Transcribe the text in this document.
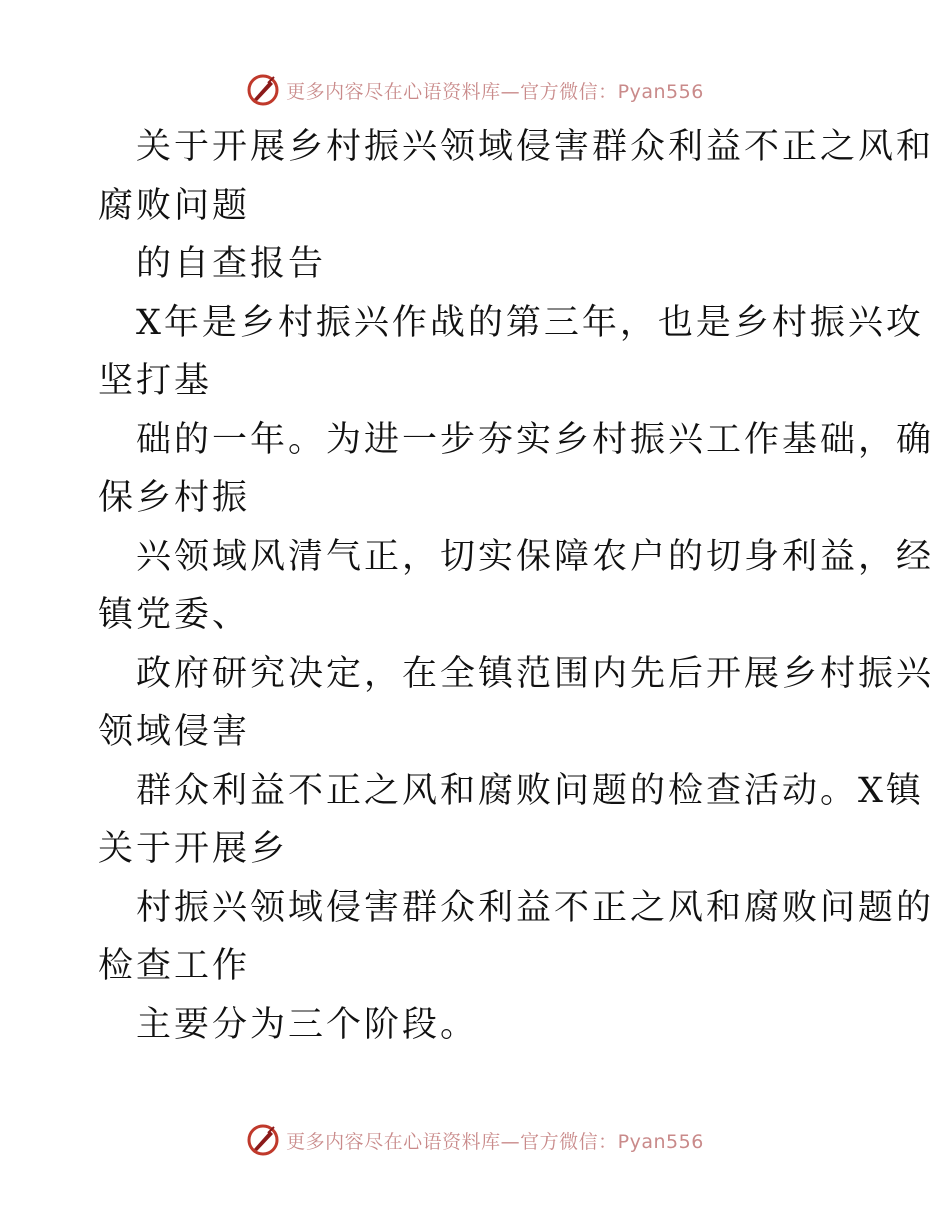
更多内容尽在心语资料库—官方微信：Pyan556
关于开展乡村振兴领域侵害群众利益不正之风和
腐败问题
的自查报告
X年是乡村振兴作战的第三年，也是乡村振兴攻
坚打基
础的一年。为进一步夯实乡村振兴工作基础，确
保乡村振
兴领域风清气正，切实保障农户的切身利益，经
镇党委、
政府研究决定，在全镇范围内先后开展乡村振兴
领域侵害
群众利益不正之风和腐败问题的检查活动。X镇
关于开展乡
村振兴领域侵害群众利益不正之风和腐败问题的
检查工作
主要分为三个阶段。
更多内容尽在心语资料库—官方微信：Pyan556
